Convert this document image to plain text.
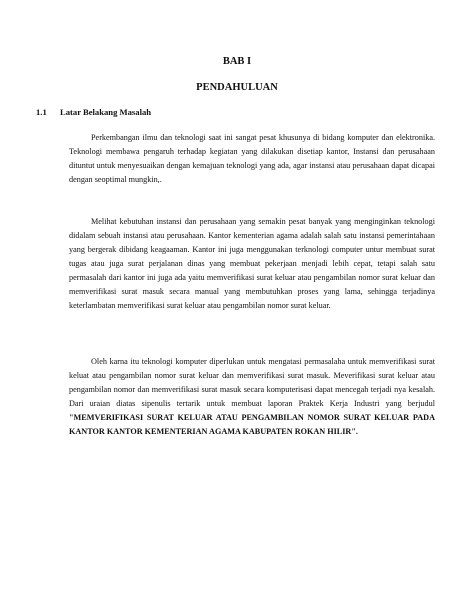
BAB I
PENDAHULUAN
1.1 Latar Belakang Masalah

Perkembangan ilmu dan teknologi saat ini sangat pesat khusunya di bidang komputer dan elektronika. Teknologi membawa pengaruh terhadap kegiatan yang dilakukan disetiap kantor, Instansi dan perusahaan dituntut untuk menyesuaikan dengan kemajuan teknologi yang ada, agar instansi atau perusahaan dapat dicapai dengan seoptimal mungkin,.

Melihat kebutuhan instansi dan perusahaan yang semakin pesat banyak yang menginginkan teknologi didalam sebuah instansi atau perusahaan. Kantor kementerian agama adalah salah satu instansi pemerintahaan yang bergerak dibidang keagaaman. Kantor ini juga menggunakan terknologi computer untur membuat surat tugas atau juga surat perjalanan dinas yang membuat pekerjaan menjadi lebih cepat, tetapi salah satu permasalah dari kantor ini juga ada yaitu memverifikasi surat keluar atau pengambilan nomor surat keluar dan memverifikasi surat masuk secara manual yang membutuhkan proses yang lama, sehingga terjadinya keterlambatan memverifikasi surat keluar atau pengambilan nomor surat keluar.

Oleh karna itu teknologi komputer diperlukan untuk mengatasi permasalaha untuk memverifikasi surat keluat atau pengambilan nomor surat keluar dan memverifikasi surat masuk. Meverifikasi surat keluar atau pengambilan nomor dan memverifikasi surat masuk secara komputerisasi dapat mencegah terjadi nya kesalah. Dari uraian diatas sipenulis tertarik untuk membuat laporan Praktek Kerja Industri yang berjudul "MEMVERIFIKASI SURAT KELUAR ATAU PENGAMBILAN NOMOR SURAT KELUAR PADA KANTOR KANTOR KEMENTERIAN AGAMA KABUPATEN ROKAN HILIR".
